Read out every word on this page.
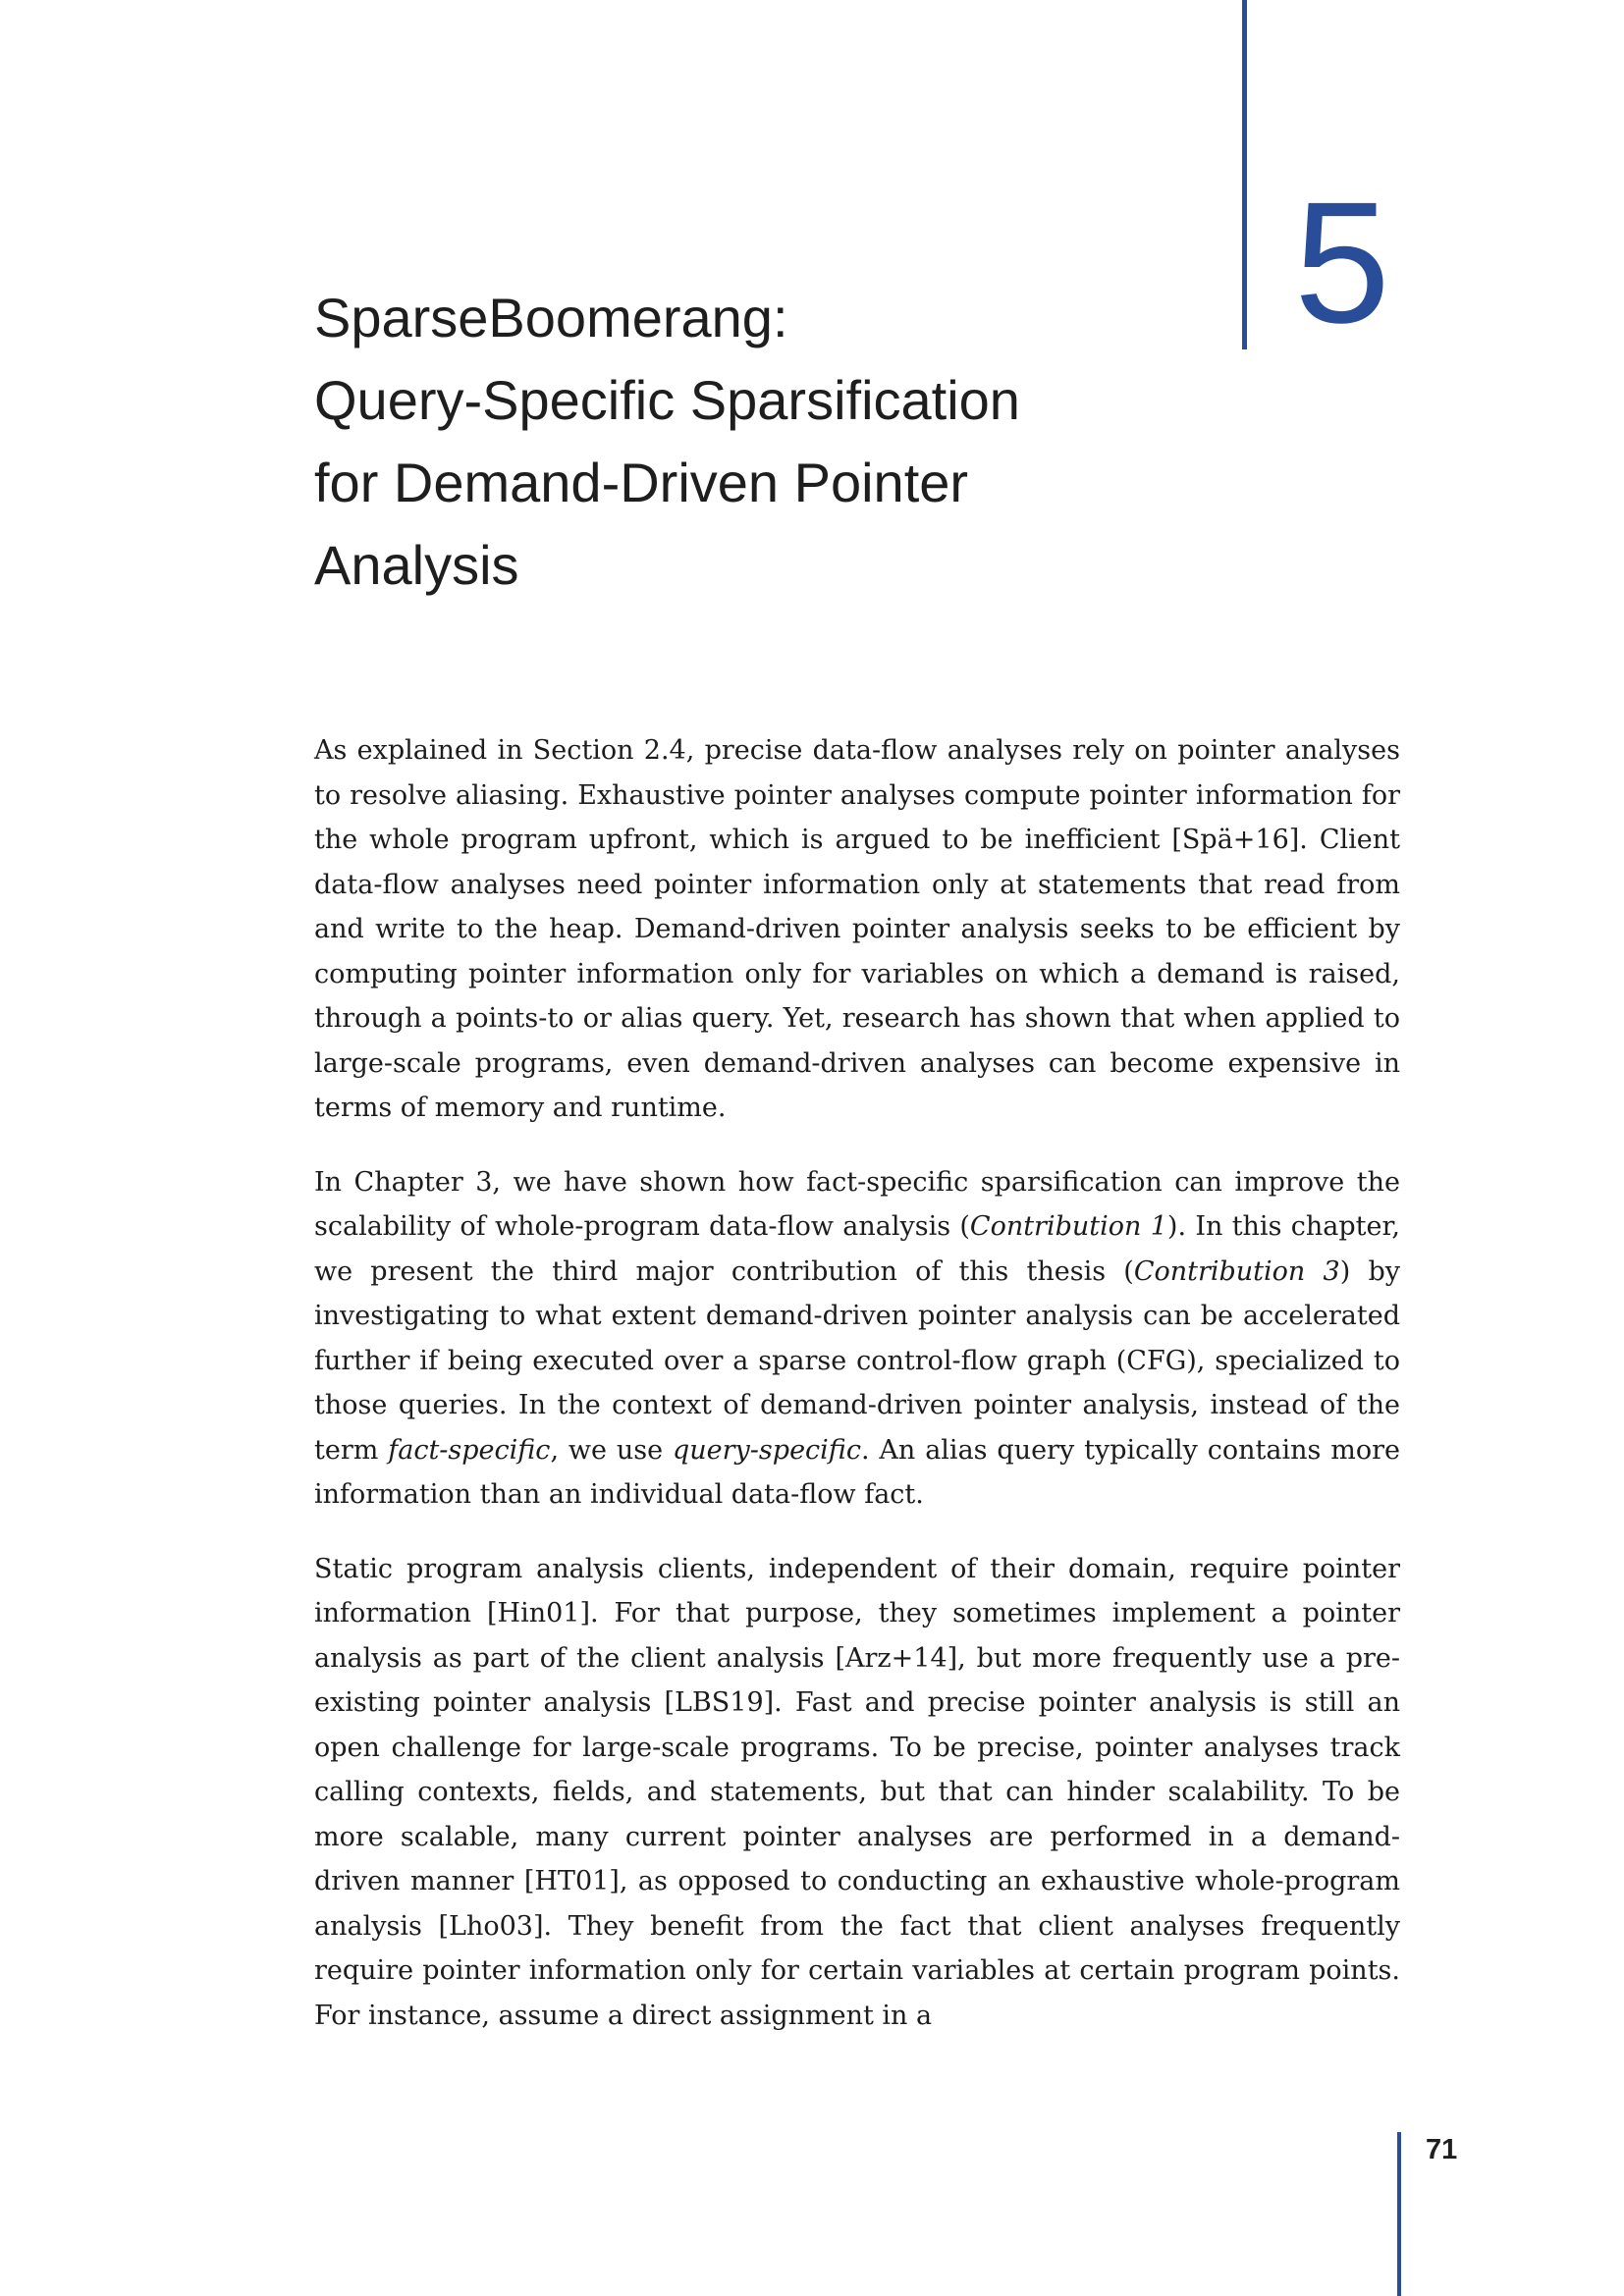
5
SparseBoomerang:
Query-Specific Sparsification
for Demand-Driven Pointer
Analysis

As explained in Section 2.4, precise data-flow analyses rely on pointer analyses to resolve aliasing. Exhaustive pointer analyses compute pointer information for the whole program upfront, which is argued to be inefficient [Spä+16]. Client data-flow analyses need pointer information only at statements that read from and write to the heap. Demand-driven pointer analysis seeks to be efficient by computing pointer information only for variables on which a demand is raised, through a points-to or alias query. Yet, research has shown that when applied to large-scale programs, even demand-driven analyses can become expensive in terms of memory and runtime.

In Chapter 3, we have shown how fact-specific sparsification can improve the scalability of whole-program data-flow analysis (Contribution 1). In this chapter, we present the third major contribution of this thesis (Contribution 3) by investigating to what extent demand-driven pointer analysis can be accelerated further if being executed over a sparse control-flow graph (CFG), specialized to those queries. In the context of demand-driven pointer analysis, instead of the term fact-specific, we use query-specific. An alias query typically contains more information than an individual data-flow fact.

Static program analysis clients, independent of their domain, require pointer information [Hin01]. For that purpose, they sometimes implement a pointer analysis as part of the client analysis [Arz+14], but more frequently use a pre-existing pointer analysis [LBS19]. Fast and precise pointer analysis is still an open challenge for large-scale programs. To be precise, pointer analyses track calling contexts, fields, and statements, but that can hinder scalability. To be more scalable, many current pointer analyses are performed in a demand-driven manner [HT01], as opposed to conducting an exhaustive whole-program analysis [Lho03]. They benefit from the fact that client analyses frequently require pointer information only for certain variables at certain program points. For instance, assume a direct assignment in a

71
